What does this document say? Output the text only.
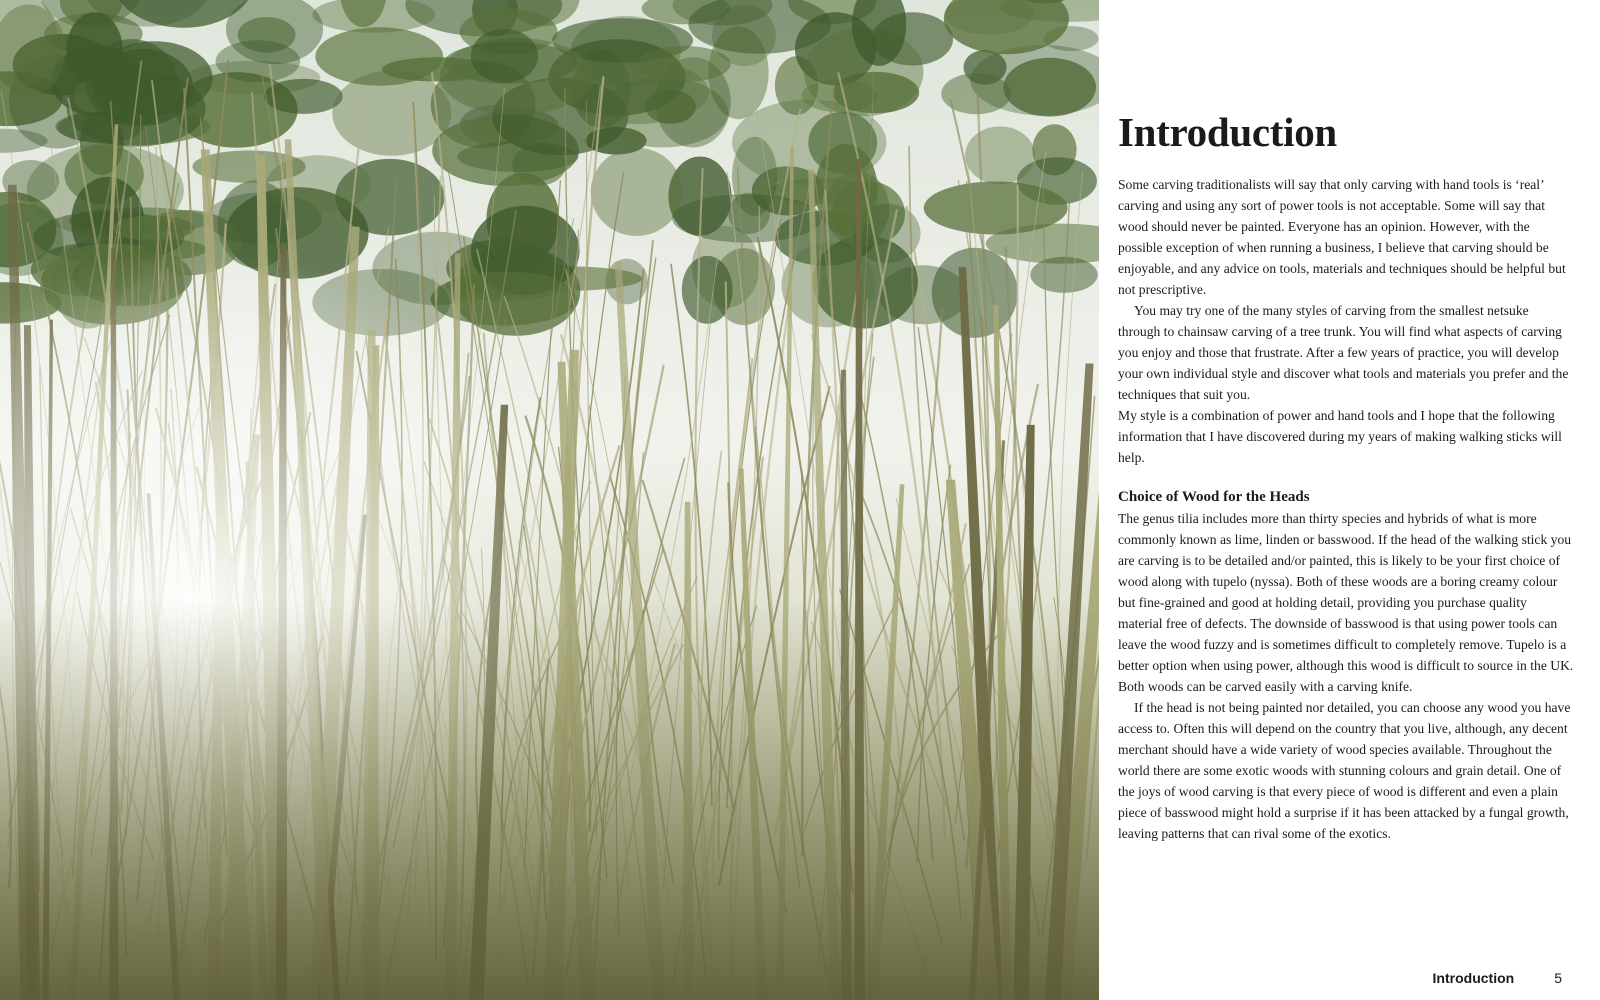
Introduction

Some carving traditionalists will say that only carving with hand tools is ‘real’ carving and using any sort of power tools is not acceptable. Some will say that wood should never be painted. Everyone has an opinion. However, with the possible exception of when running a business, I believe that carving should be enjoyable, and any advice on tools, materials and techniques should be helpful but not prescriptive.

You may try one of the many styles of carving from the smallest netsuke through to chainsaw carving of a tree trunk. You will find what aspects of carving you enjoy and those that frustrate. After a few years of practice, you will develop your own individual style and discover what tools and materials you prefer and the techniques that suit you.

My style is a combination of power and hand tools and I hope that the following information that I have discovered during my years of making walking sticks will help.

Choice of Wood for the Heads

The genus tilia includes more than thirty species and hybrids of what is more commonly known as lime, linden or basswood. If the head of the walking stick you are carving is to be detailed and/or painted, this is likely to be your first choice of wood along with tupelo (nyssa). Both of these woods are a boring creamy colour but fine-grained and good at holding detail, providing you purchase quality material free of defects. The downside of basswood is that using power tools can leave the wood fuzzy and is sometimes difficult to completely remove. Tupelo is a better option when using power, although this wood is difficult to source in the UK. Both woods can be carved easily with a carving knife.

If the head is not being painted nor detailed, you can choose any wood you have access to. Often this will depend on the country that you live, although, any decent merchant should have a wide variety of wood species available. Throughout the world there are some exotic woods with stunning colours and grain detail. One of the joys of wood carving is that every piece of wood is different and even a plain piece of basswood might hold a surprise if it has been attacked by a fungal growth, leaving patterns that can rival some of the exotics.

Introduction	5
